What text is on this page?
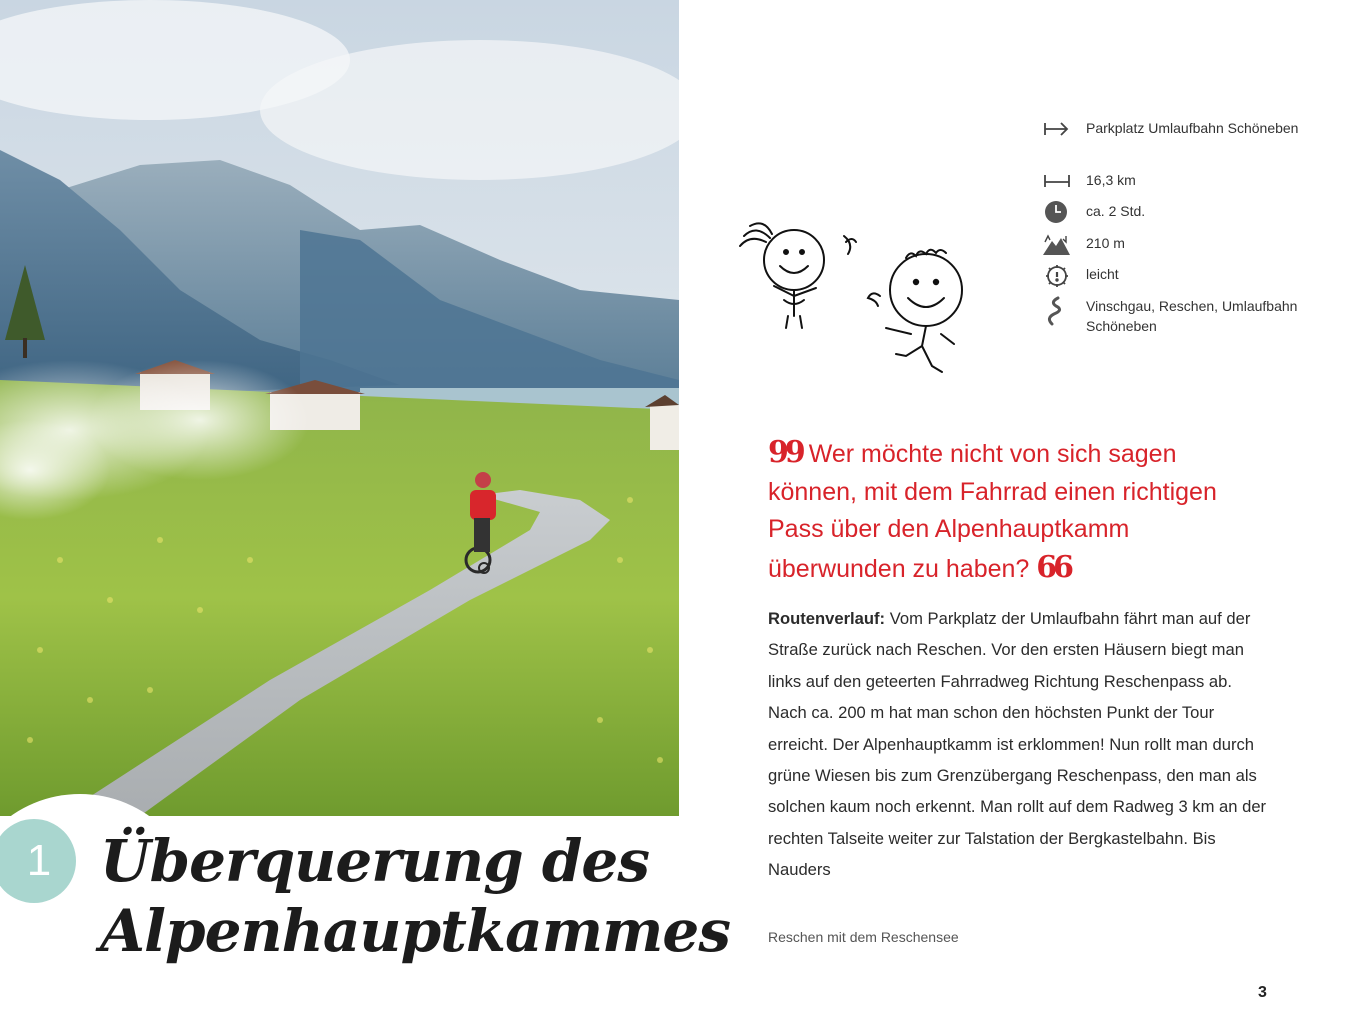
1 Überquerung des Alpenhauptkammes
Parkplatz Umlaufbahn Schöneben
16,3 km
ca. 2 Std.
210 m
leicht
Vinschgau, Reschen, Umlaufbahn Schöneben

99 Wer möchte nicht von sich sagen können, mit dem Fahrrad einen richtigen Pass über den Alpenhauptkamm überwunden zu haben? 66

Routenverlauf: Vom Parkplatz der Umlaufbahn fährt man auf der Straße zurück nach Reschen. Vor den ersten Häusern biegt man links auf den geteerten Fahrradweg Richtung Reschenpass ab. Nach ca. 200 m hat man schon den höchsten Punkt der Tour erreicht. Der Alpenhauptkamm ist erklommen! Nun rollt man durch grüne Wiesen bis zum Grenzübergang Reschenpass, den man als solchen kaum noch erkennt. Man rollt auf dem Radweg 3 km an der rechten Talseite weiter zur Talstation der Bergkastelbahn. Bis Nauders

Reschen mit dem Reschensee

3
